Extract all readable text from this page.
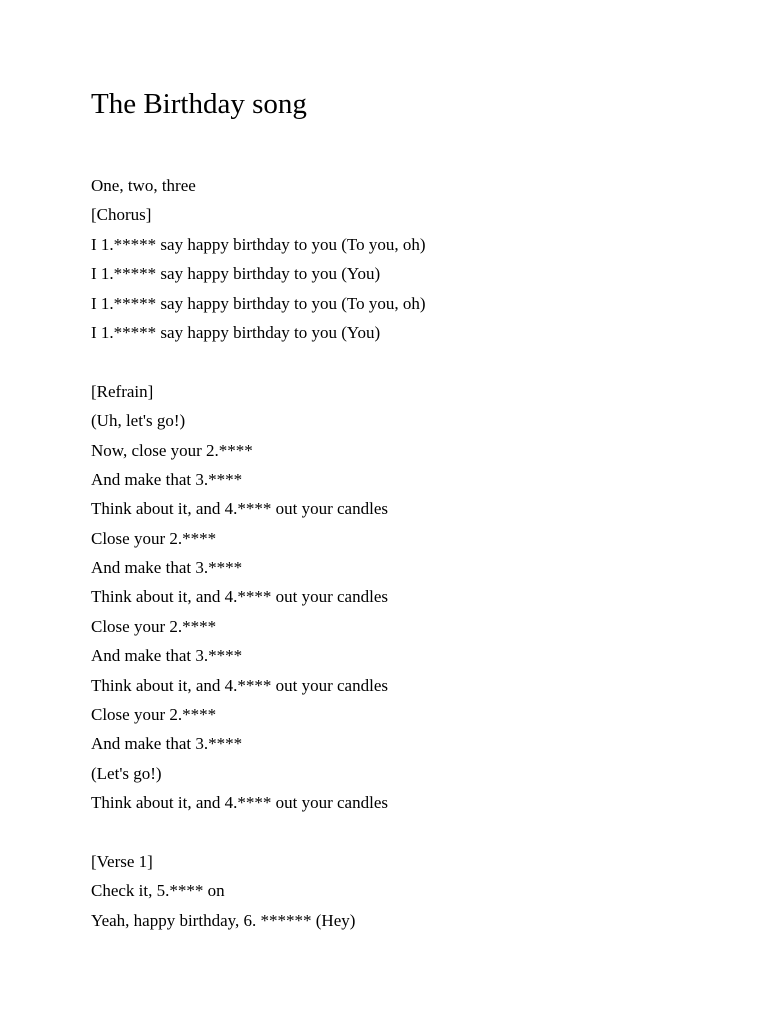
The Birthday song
One, two, three
[Chorus]
I 1.***** say happy birthday to you (To you, oh)
I 1.***** say happy birthday to you (You)
I 1.***** say happy birthday to you (To you, oh)
I 1.***** say happy birthday to you (You)
[Refrain]
(Uh, let's go!)
Now, close your 2.****
And make that 3.****
Think about it, and 4.**** out your candles
Close your 2.****
And make that 3.****
Think about it, and 4.**** out your candles
Close your 2.****
And make that 3.****
Think about it, and 4.**** out your candles
Close your 2.****
And make that 3.****
(Let's go!)
Think about it, and 4.**** out your candles
[Verse 1]
Check it, 5.**** on
Yeah, happy birthday, 6. ****** (Hey)
